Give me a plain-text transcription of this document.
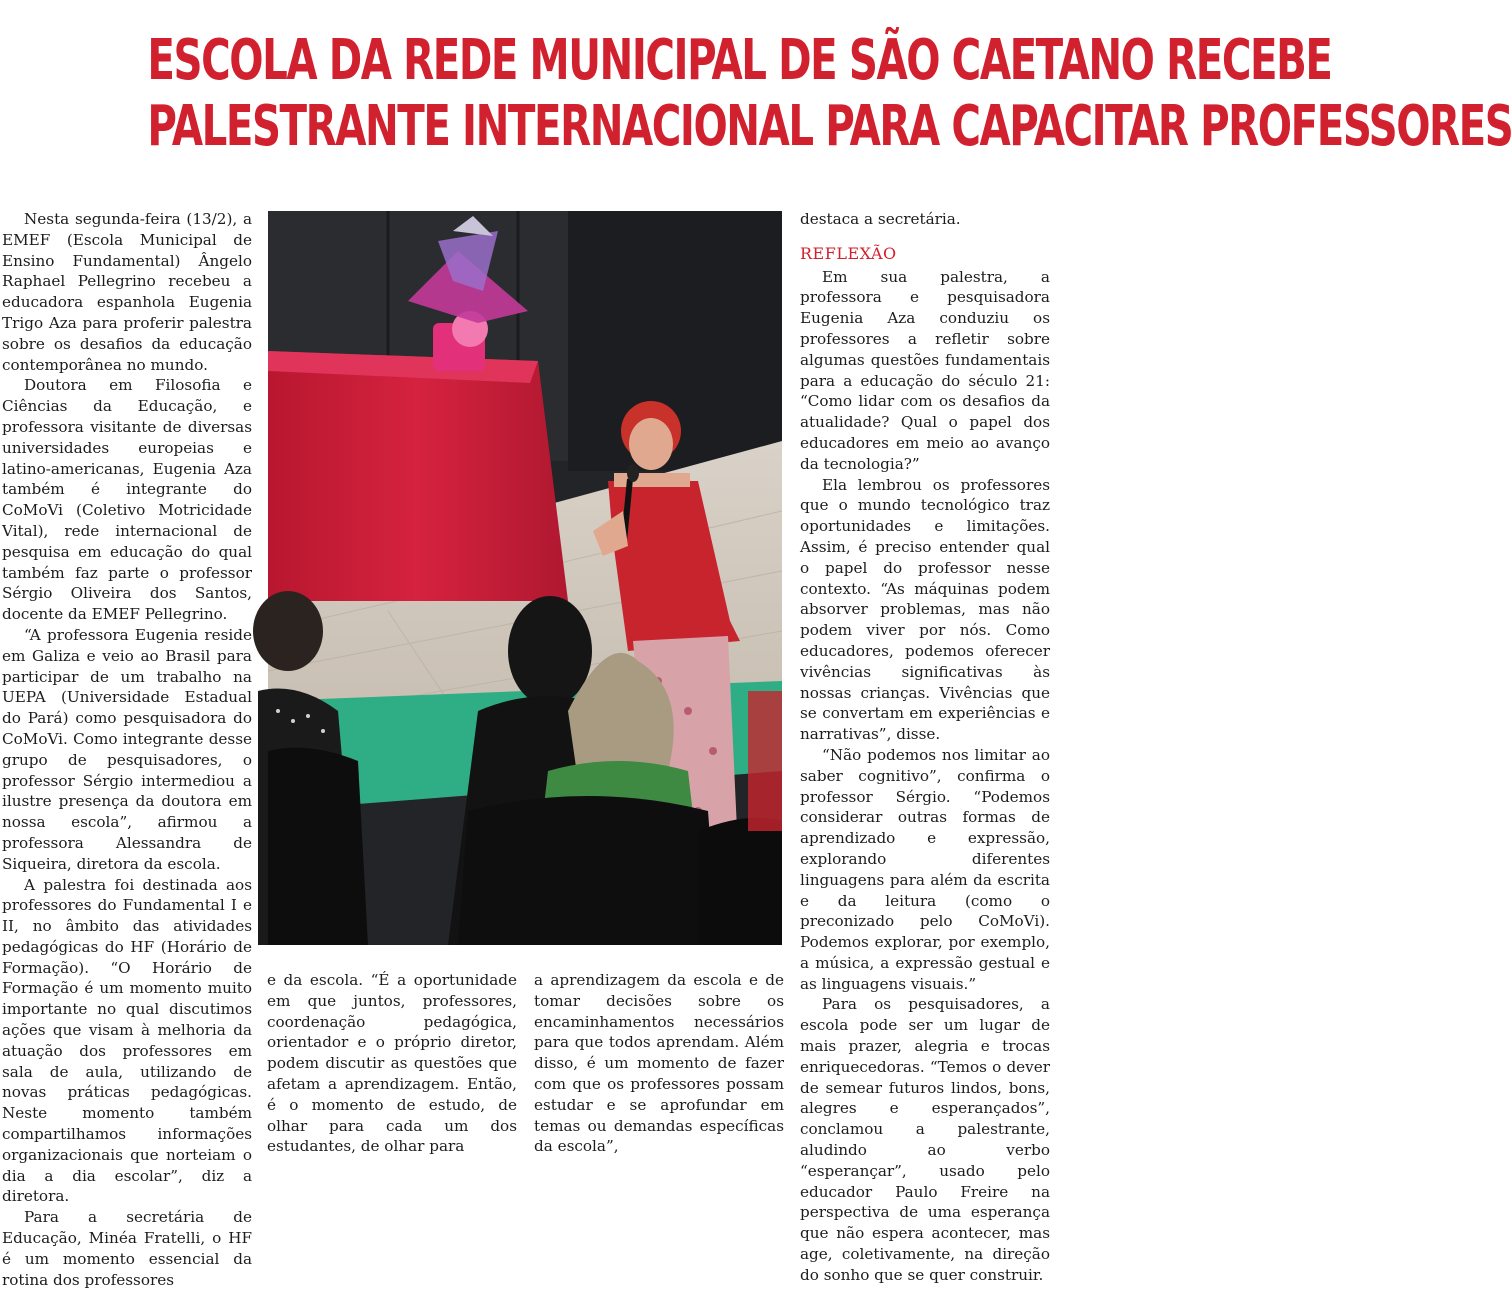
ESCOLA DA REDE MUNICIPAL DE SÃO CAETANO RECEBE
PALESTRANTE INTERNACIONAL PARA CAPACITAR PROFESSORES

Nesta segunda-feira (13/2), a EMEF (Escola Municipal de Ensino Fundamental) Ângelo Raphael Pellegrino recebeu a educadora espanhola Eugenia Trigo Aza para proferir palestra sobre os desafios da educação contemporânea no mundo.

Doutora em Filosofia e Ciências da Educação, e professora visitante de diversas universidades europeias e latino-americanas, Eugenia Aza também é integrante do CoMoVi (Coletivo Motricidade Vital), rede internacional de pesquisa em educação do qual também faz parte o professor Sérgio Oliveira dos Santos, docente da EMEF Pellegrino.

“A professora Eugenia reside em Galiza e veio ao Brasil para participar de um trabalho na UEPA (Universidade Estadual do Pará) como pesquisadora do CoMoVi. Como integrante desse grupo de pesquisadores, o professor Sérgio intermediou a ilustre presença da doutora em nossa escola”, afirmou a professora Alessandra de Siqueira, diretora da escola.

A palestra foi destinada aos professores do Fundamental I e II, no âmbito das atividades pedagógicas do HF (Horário de Formação). “O Horário de Formação é um momento muito importante no qual discutimos ações que visam à melhoria da atuação dos professores em sala de aula, utilizando de novas práticas pedagógicas. Neste momento também compartilhamos informações organizacionais que norteiam o dia a dia escolar”, diz a diretora.

Para a secretária de Educação, Minéa Fratelli, o HF é um momento essencial da rotina dos professores

e da escola. “É a oportunidade em que juntos, professores, coordenação pedagógica, orientador e o próprio diretor, podem discutir as questões que afetam a aprendizagem. Então, é o momento de estudo, de olhar para cada um dos estudantes, de olhar para

a aprendizagem da escola e de tomar decisões sobre os encaminhamentos necessários para que todos aprendam. Além disso, é um momento de fazer com que os professores possam estudar e se aprofundar em temas ou demandas específicas da escola”,

destaca a secretária.

REFLEXÃO

Em sua palestra, a professora e pesquisadora Eugenia Aza conduziu os professores a refletir sobre algumas questões fundamentais para a educação do século 21: “Como lidar com os desafios da atualidade? Qual o papel dos educadores em meio ao avanço da tecnologia?”

Ela lembrou os professores que o mundo tecnológico traz oportunidades e limitações. Assim, é preciso entender qual o papel do professor nesse contexto. “As máquinas podem absorver problemas, mas não podem viver por nós. Como educadores, podemos oferecer vivências significativas às nossas crianças. Vivências que se convertam em experiências e narrativas”, disse.

“Não podemos nos limitar ao saber cognitivo”, confirma o professor Sérgio. “Podemos considerar outras formas de aprendizado e expressão, explorando diferentes linguagens para além da escrita e da leitura (como o preconizado pelo CoMoVi). Podemos explorar, por exemplo, a música, a expressão gestual e as linguagens visuais.”

Para os pesquisadores, a escola pode ser um lugar de mais prazer, alegria e trocas enriquecedoras. “Temos o dever de semear futuros lindos, bons, alegres e esperançados”, conclamou a palestrante, aludindo ao verbo “esperançar”, usado pelo educador Paulo Freire na perspectiva de uma esperança que não espera acontecer, mas age, coletivamente, na direção do sonho que se quer construir.
